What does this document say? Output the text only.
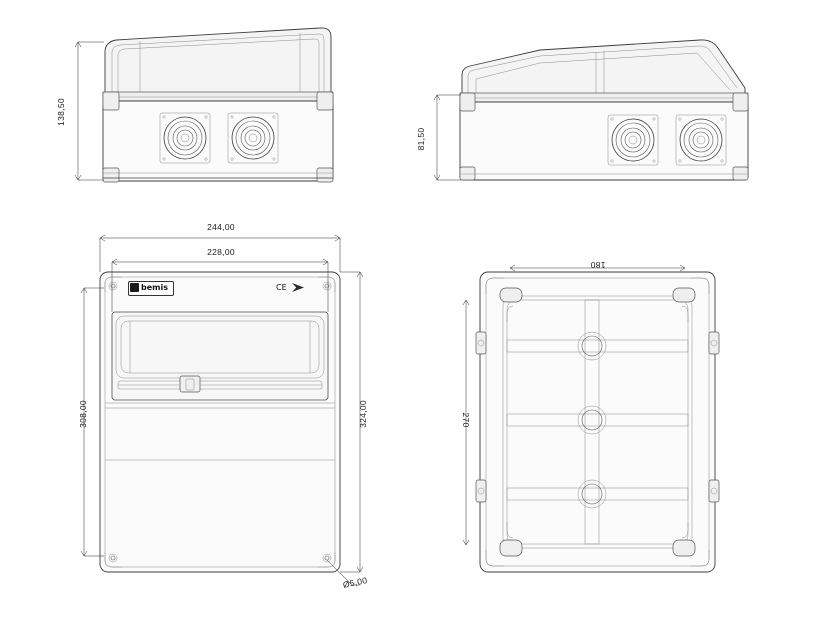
138,50
81,50
244,00
228,00
308,00	324,00
Ø5,00
180
270
bemis	CE
